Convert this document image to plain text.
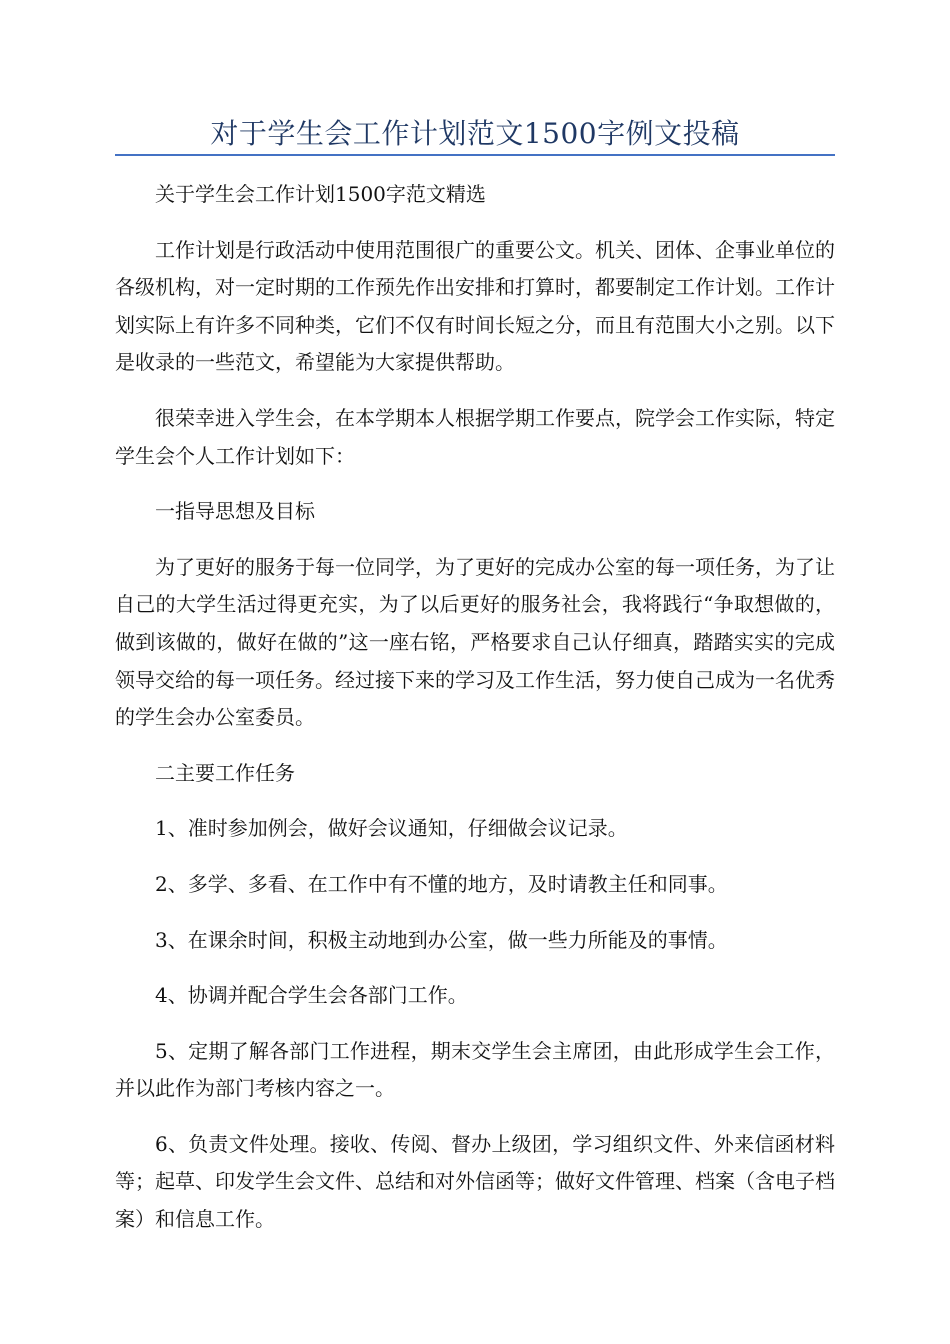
对于学生会工作计划范文1500字例文投稿

关于学生会工作计划1500字范文精选

工作计划是行政活动中使用范围很广的重要公文。机关、团体、企事业单位的各级机构，对一定时期的工作预先作出安排和打算时，都要制定工作计划。工作计划实际上有许多不同种类，它们不仅有时间长短之分，而且有范围大小之别。以下是收录的一些范文，希望能为大家提供帮助。

很荣幸进入学生会，在本学期本人根据学期工作要点，院学会工作实际，特定学生会个人工作计划如下：

一指导思想及目标

为了更好的服务于每一位同学，为了更好的完成办公室的每一项任务，为了让自己的大学生活过得更充实，为了以后更好的服务社会，我将践行“争取想做的，做到该做的，做好在做的”这一座右铭，严格要求自己认仔细真，踏踏实实的完成领导交给的每一项任务。经过接下来的学习及工作生活，努力使自己成为一名优秀的学生会办公室委员。

二主要工作任务

1、准时参加例会，做好会议通知，仔细做会议记录。

2、多学、多看、在工作中有不懂的地方，及时请教主任和同事。

3、在课余时间，积极主动地到办公室，做一些力所能及的事情。

4、协调并配合学生会各部门工作。

5、定期了解各部门工作进程，期末交学生会主席团，由此形成学生会工作，并以此作为部门考核内容之一。

6、负责文件处理。接收、传阅、督办上级团，学习组织文件、外来信函材料等；起草、印发学生会文件、总结和对外信函等；做好文件管理、档案（含电子档案）和信息工作。
